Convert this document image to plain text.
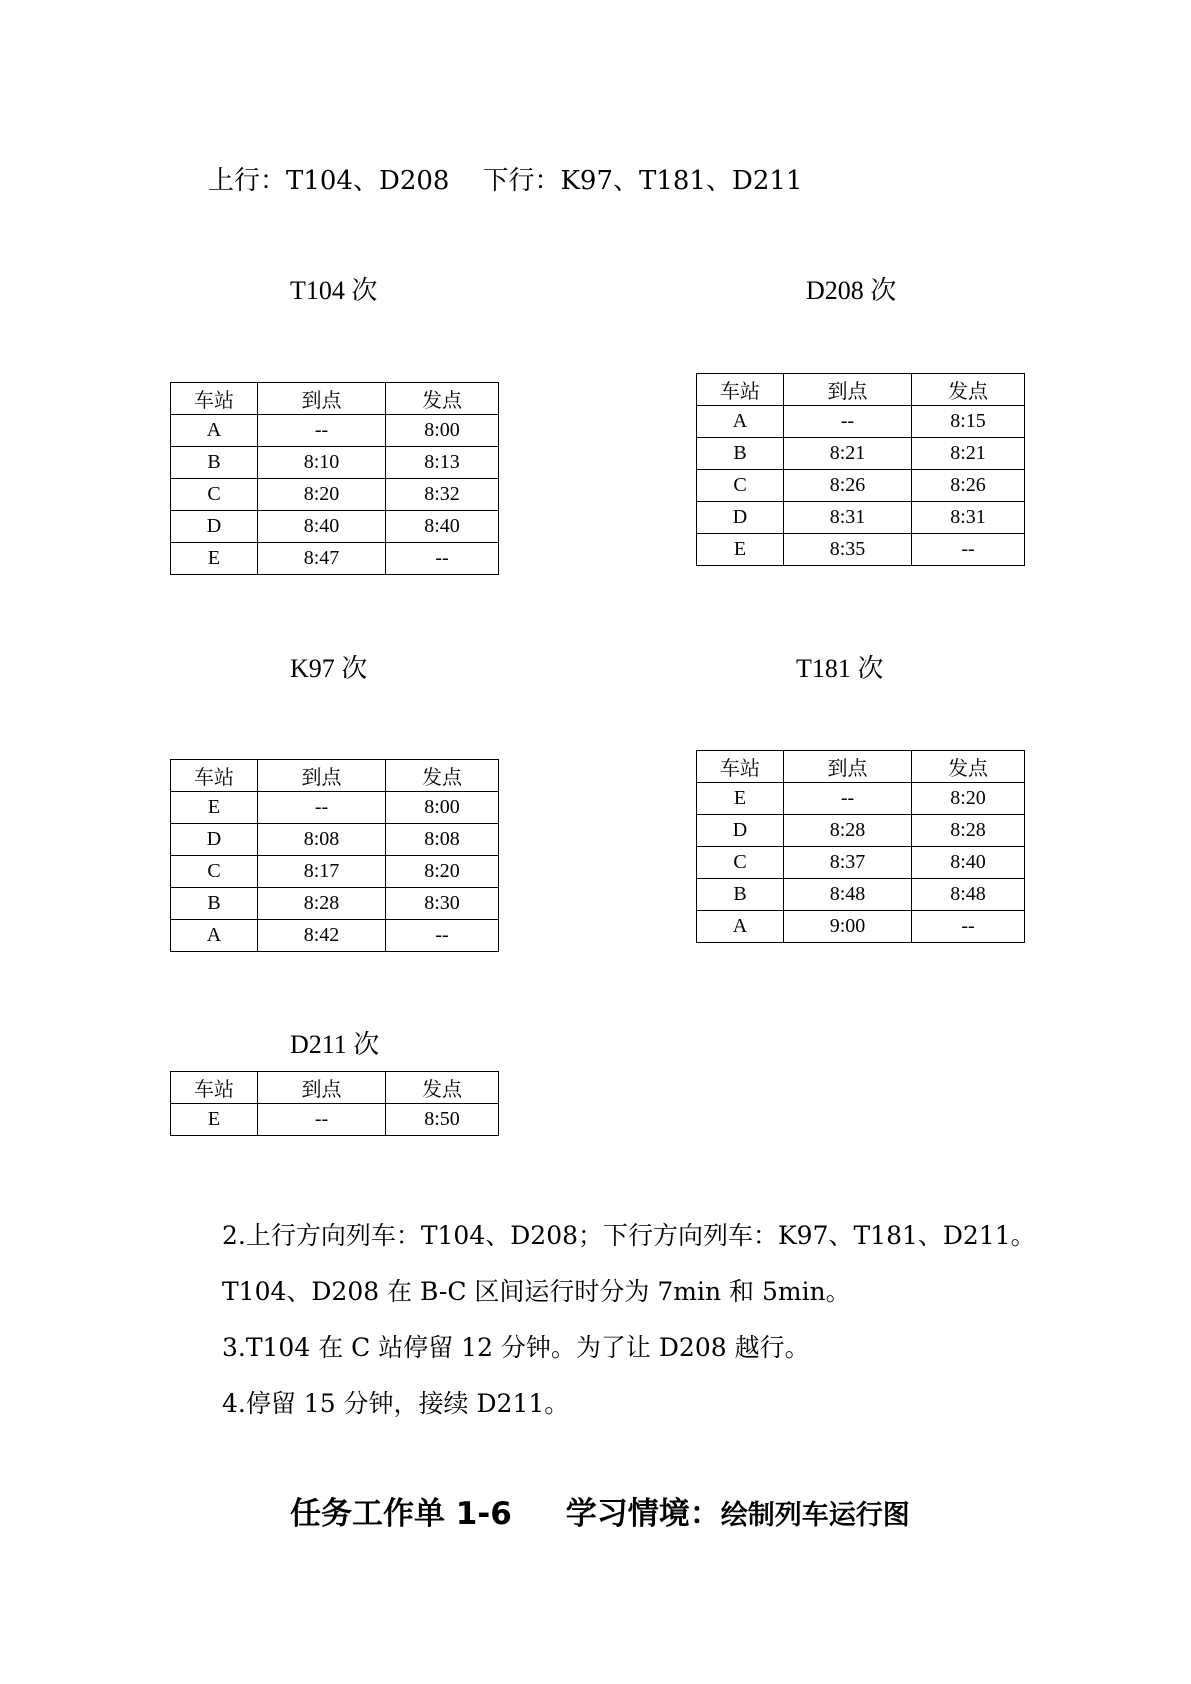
上行：T104、D208    下行：K97、T181、D211
T104 次
车站	到点	发点
A	--	8:00
B	8:10	8:13
C	8:20	8:32
D	8:40	8:40
E	8:47	--
D208 次
车站	到点	发点
A	--	8:15
B	8:21	8:21
C	8:26	8:26
D	8:31	8:31
E	8:35	--
K97 次
车站	到点	发点
E	--	8:00
D	8:08	8:08
C	8:17	8:20
B	8:28	8:30
A	8:42	--
T181 次
车站	到点	发点
E	--	8:20
D	8:28	8:28
C	8:37	8:40
B	8:48	8:48
A	9:00	--
D211 次
车站	到点	发点
E	--	8:50
2.上行方向列车：T104、D208；下行方向列车：K97、T181、D211。
T104、D208 在 B-C 区间运行时分为 7min 和 5min。
3.T104 在 C 站停留 12 分钟。为了让 D208 越行。
4.停留 15 分钟，接续 D211。
任务工作单 1-6 学习情境：绘制列车运行图
